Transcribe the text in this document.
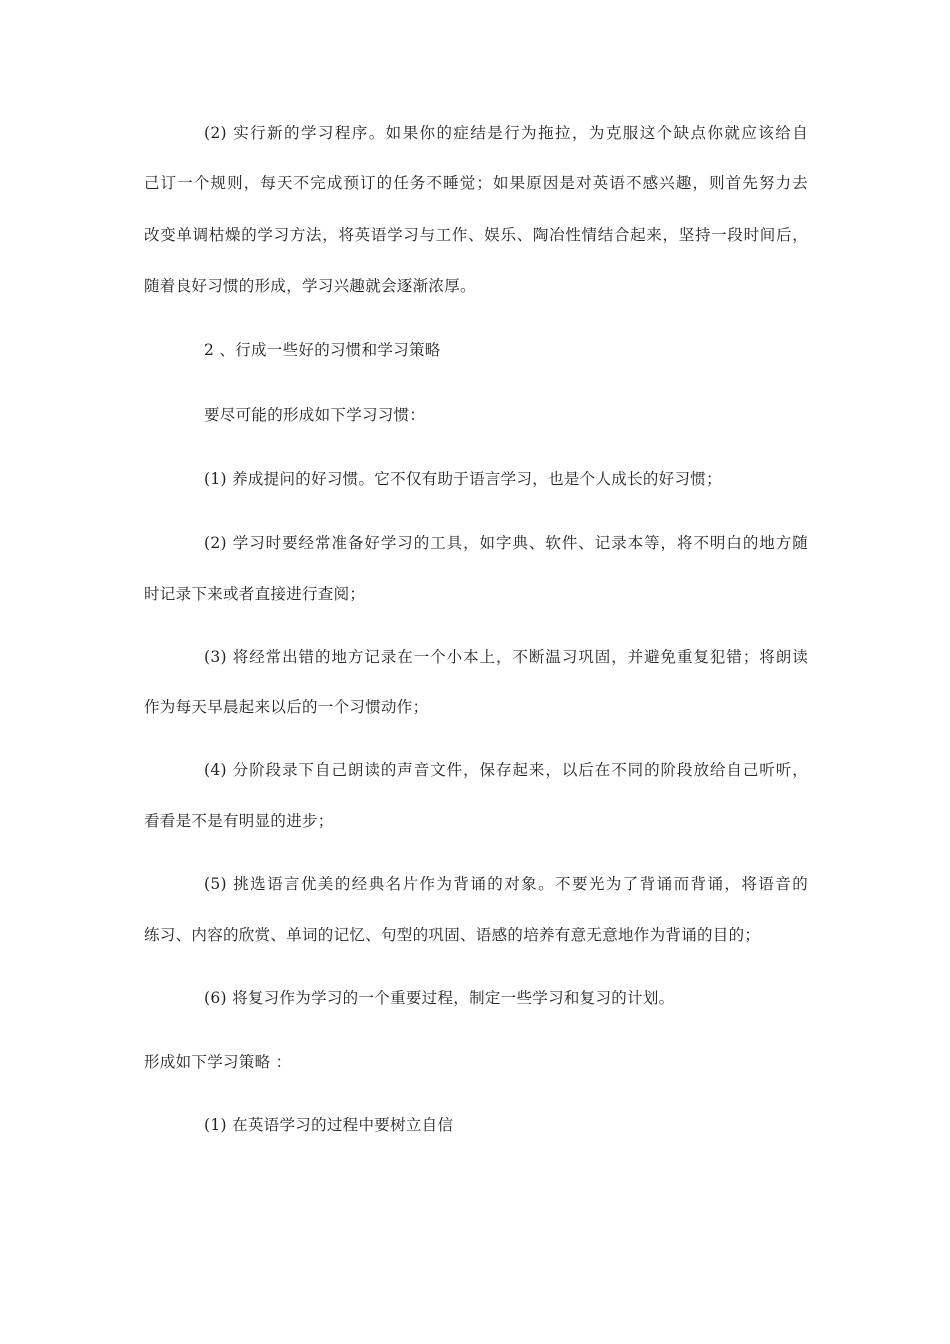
(2) 实行新的学习程序。如果你的症结是行为拖拉，为克服这个缺点你就应该给自
己订一个规则，每天不完成预订的任务不睡觉；如果原因是对英语不感兴趣，则首先努力去
改变单调枯燥的学习方法，将英语学习与工作、娱乐、陶冶性情结合起来，坚持一段时间后，
随着良好习惯的形成，学习兴趣就会逐渐浓厚。
2 、行成一些好的习惯和学习策略
要尽可能的形成如下学习习惯：
(1) 养成提问的好习惯。它不仅有助于语言学习，也是个人成长的好习惯；
(2) 学习时要经常准备好学习的工具，如字典、软件、记录本等，将不明白的地方随
时记录下来或者直接进行查阅；
(3) 将经常出错的地方记录在一个小本上，不断温习巩固，并避免重复犯错；将朗读
作为每天早晨起来以后的一个习惯动作；
(4) 分阶段录下自己朗读的声音文件，保存起来，以后在不同的阶段放给自己听听，
看看是不是有明显的进步；
(5) 挑选语言优美的经典名片作为背诵的对象。不要光为了背诵而背诵，将语音的
练习、内容的欣赏、单词的记忆、句型的巩固、语感的培养有意无意地作为背诵的目的；
(6) 将复习作为学习的一个重要过程，制定一些学习和复习的计划。
形成如下学习策略 ：
(1) 在英语学习的过程中要树立自信
